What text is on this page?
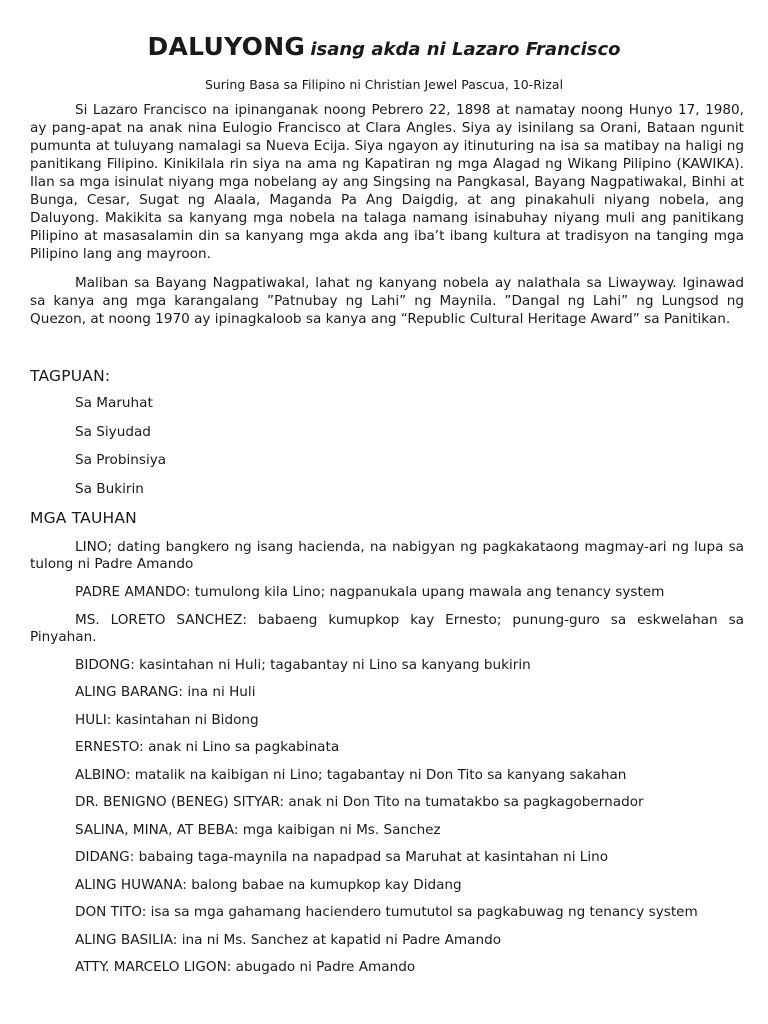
DALUYONG isang akda ni Lazaro Francisco
Suring Basa sa Filipino ni Christian Jewel Pascua, 10-Rizal

Si Lazaro Francisco na ipinanganak noong Pebrero 22, 1898 at namatay noong Hunyo 17, 1980, ay pang-apat na anak nina Eulogio Francisco at Clara Angles. Siya ay isinilang sa Orani, Bataan ngunit pumunta at tuluyang namalagi sa Nueva Ecija. Siya ngayon ay itinuturing na isa sa matibay na haligi ng panitikang Filipino. Kinikilala rin siya na ama ng Kapatiran ng mga Alagad ng Wikang Pilipino (KAWIKA). Ilan sa mga isinulat niyang mga nobelang ay ang Singsing na Pangkasal, Bayang Nagpatiwakal, Binhi at Bunga, Cesar, Sugat ng Alaala, Maganda Pa Ang Daigdig, at ang pinakahuli niyang nobela, ang Daluyong. Makikita sa kanyang mga nobela na talaga namang isinabuhay niyang muli ang panitikang Pilipino at masasalamin din sa kanyang mga akda ang iba’t ibang kultura at tradisyon na tanging mga Pilipino lang ang mayroon.

Maliban sa Bayang Nagpatiwakal, lahat ng kanyang nobela ay nalathala sa Liwayway. Iginawad sa kanya ang mga karangalang ”Patnubay ng Lahi” ng Maynila. ”Dangal ng Lahi” ng Lungsod ng Quezon, at noong 1970 ay ipinagkaloob sa kanya ang “Republic Cultural Heritage Award” sa Panitikan.

TAGPUAN:
Sa Maruhat
Sa Siyudad
Sa Probinsiya
Sa Bukirin
MGA TAUHAN
LINO; dating bangkero ng isang hacienda, na nabigyan ng pagkakataong magmay-ari ng lupa sa tulong ni Padre Amando
PADRE AMANDO: tumulong kila Lino; nagpanukala upang mawala ang tenancy system
MS. LORETO SANCHEZ: babaeng kumupkop kay Ernesto; punung-guro sa eskwelahan sa Pinyahan.
BIDONG: kasintahan ni Huli; tagabantay ni Lino sa kanyang bukirin
ALING BARANG: ina ni Huli
HULI: kasintahan ni Bidong
ERNESTO: anak ni Lino sa pagkabinata
ALBINO: matalik na kaibigan ni Lino; tagabantay ni Don Tito sa kanyang sakahan
DR. BENIGNO (BENEG) SITYAR: anak ni Don Tito na tumatakbo sa pagkagobernador
SALINA, MINA, AT BEBA: mga kaibigan ni Ms. Sanchez
DIDANG: babaing taga-maynila na napadpad sa Maruhat at kasintahan ni Lino
ALING HUWANA: balong babae na kumupkop kay Didang
DON TITO: isa sa mga gahamang haciendero tumututol sa pagkabuwag ng tenancy system
ALING BASILIA: ina ni Ms. Sanchez at kapatid ni Padre Amando
ATTY. MARCELO LIGON: abugado ni Padre Amando
